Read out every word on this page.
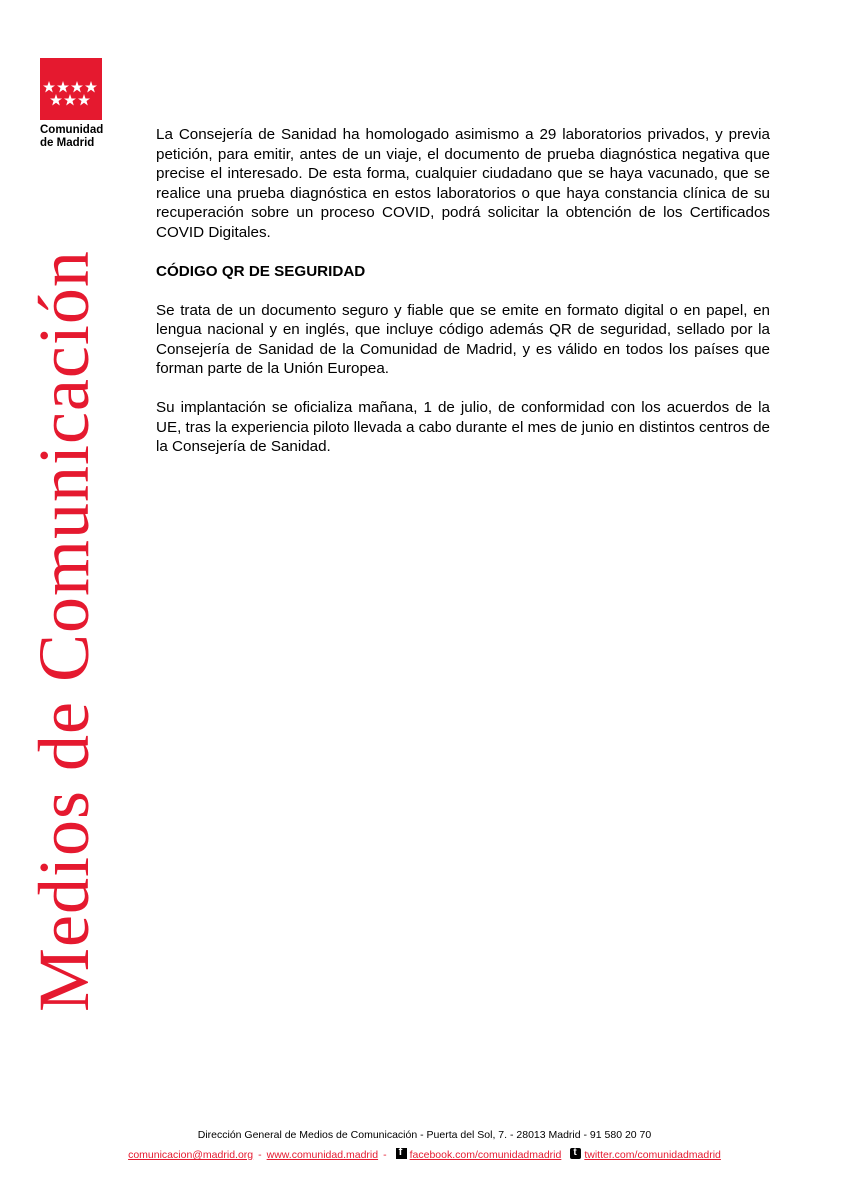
Comunidad
de Madrid
Medios de Comunicación

La Consejería de Sanidad ha homologado asimismo a 29 laboratorios privados, y previa petición, para emitir, antes de un viaje, el documento de prueba diagnóstica negativa que precise el interesado. De esta forma, cualquier ciudadano que se haya vacunado, que se realice una prueba diagnóstica en estos laboratorios o que haya constancia clínica de su recuperación sobre un proceso COVID, podrá solicitar la obtención de los Certificados COVID Digitales.

CÓDIGO QR DE SEGURIDAD

Se trata de un documento seguro y fiable que se emite en formato digital o en papel, en lengua nacional y en inglés, que incluye código además QR de seguridad, sellado por la Consejería de Sanidad de la Comunidad de Madrid, y es válido en todos los países que forman parte de la Unión Europea.

Su implantación se oficializa mañana, 1 de julio, de conformidad con los acuerdos de la UE, tras la experiencia piloto llevada a cabo durante el mes de junio en distintos centros de la Consejería de Sanidad.

Dirección General de Medios de Comunicación - Puerta del Sol, 7. - 28013 Madrid - 91 580 20 70
comunicacion@madrid.org - www.comunidad.madrid - f facebook.com/comunidadmadrid t twitter.com/comunidadmadrid
